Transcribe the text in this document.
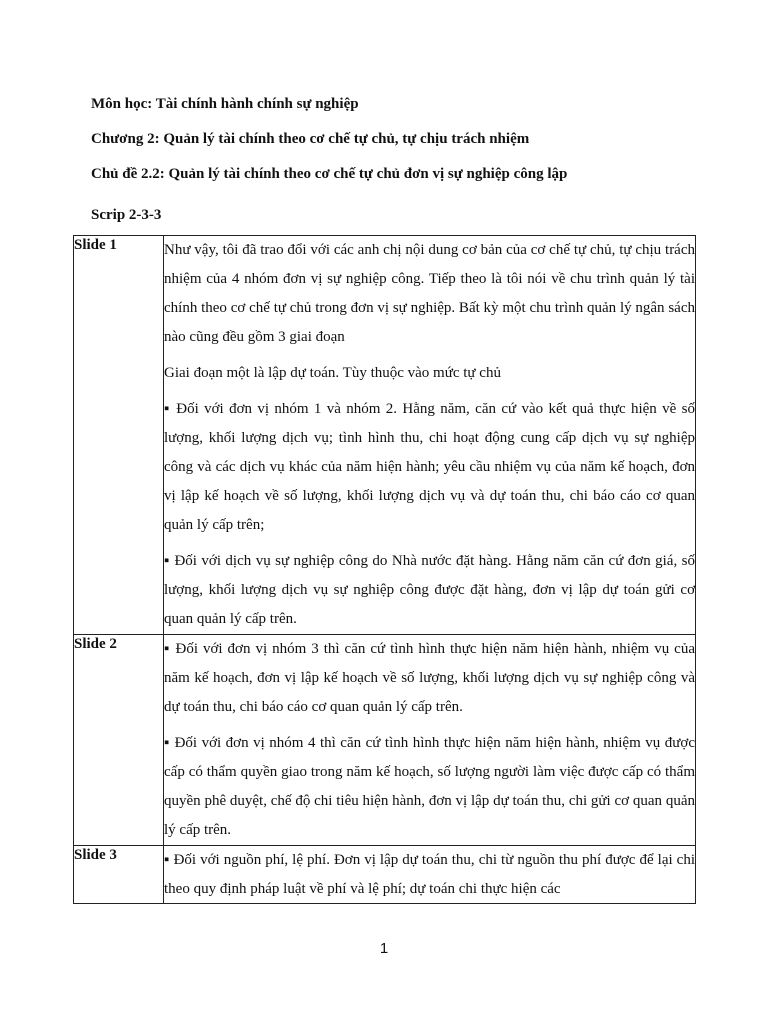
Môn học: Tài chính hành chính sự nghiệp
Chương 2: Quản lý tài chính theo cơ chế tự chủ, tự chịu trách nhiệm
Chủ đề 2.2: Quản lý tài chính theo cơ chế tự chủ đơn vị sự nghiệp công lập
Scrip 2-3-3
Slide 1	Như vậy, tôi đã trao đổi với các anh chị nội dung cơ bản của cơ chế tự chủ, tự chịu trách nhiệm của 4 nhóm đơn vị sự nghiệp công. Tiếp theo là tôi nói về chu trình quản lý tài chính theo cơ chế tự chủ trong đơn vị sự nghiệp. Bất kỳ một chu trình quản lý ngân sách nào cũng đều gồm 3 giai đoạn

Giai đoạn một là lập dự toán. Tùy thuộc vào mức tự chủ

▪ Đối với đơn vị nhóm 1 và nhóm 2. Hằng năm, căn cứ vào kết quả thực hiện về số lượng, khối lượng dịch vụ; tình hình thu, chi hoạt động cung cấp dịch vụ sự nghiệp công và các dịch vụ khác của năm hiện hành; yêu cầu nhiệm vụ của năm kế hoạch, đơn vị lập kế hoạch về số lượng, khối lượng dịch vụ và dự toán thu, chi báo cáo cơ quan quản lý cấp trên;

▪ Đối với dịch vụ sự nghiệp công do Nhà nước đặt hàng. Hằng năm căn cứ đơn giá, số lượng, khối lượng dịch vụ sự nghiệp công được đặt hàng, đơn vị lập dự toán gửi cơ quan quản lý cấp trên.

Slide 2	▪ Đối với đơn vị nhóm 3 thì căn cứ tình hình thực hiện năm hiện hành, nhiệm vụ của năm kế hoạch, đơn vị lập kế hoạch về số lượng, khối lượng dịch vụ sự nghiệp công và dự toán thu, chi báo cáo cơ quan quản lý cấp trên.

▪ Đối với đơn vị nhóm 4 thì căn cứ tình hình thực hiện năm hiện hành, nhiệm vụ được cấp có thẩm quyền giao trong năm kế hoạch, số lượng người làm việc được cấp có thẩm quyền phê duyệt, chế độ chi tiêu hiện hành, đơn vị lập dự toán thu, chi gửi cơ quan quản lý cấp trên.

Slide 3	▪ Đối với nguồn phí, lệ phí. Đơn vị lập dự toán thu, chi từ nguồn thu phí được để lại chi theo quy định pháp luật về phí và lệ phí; dự toán chi thực hiện các

1
